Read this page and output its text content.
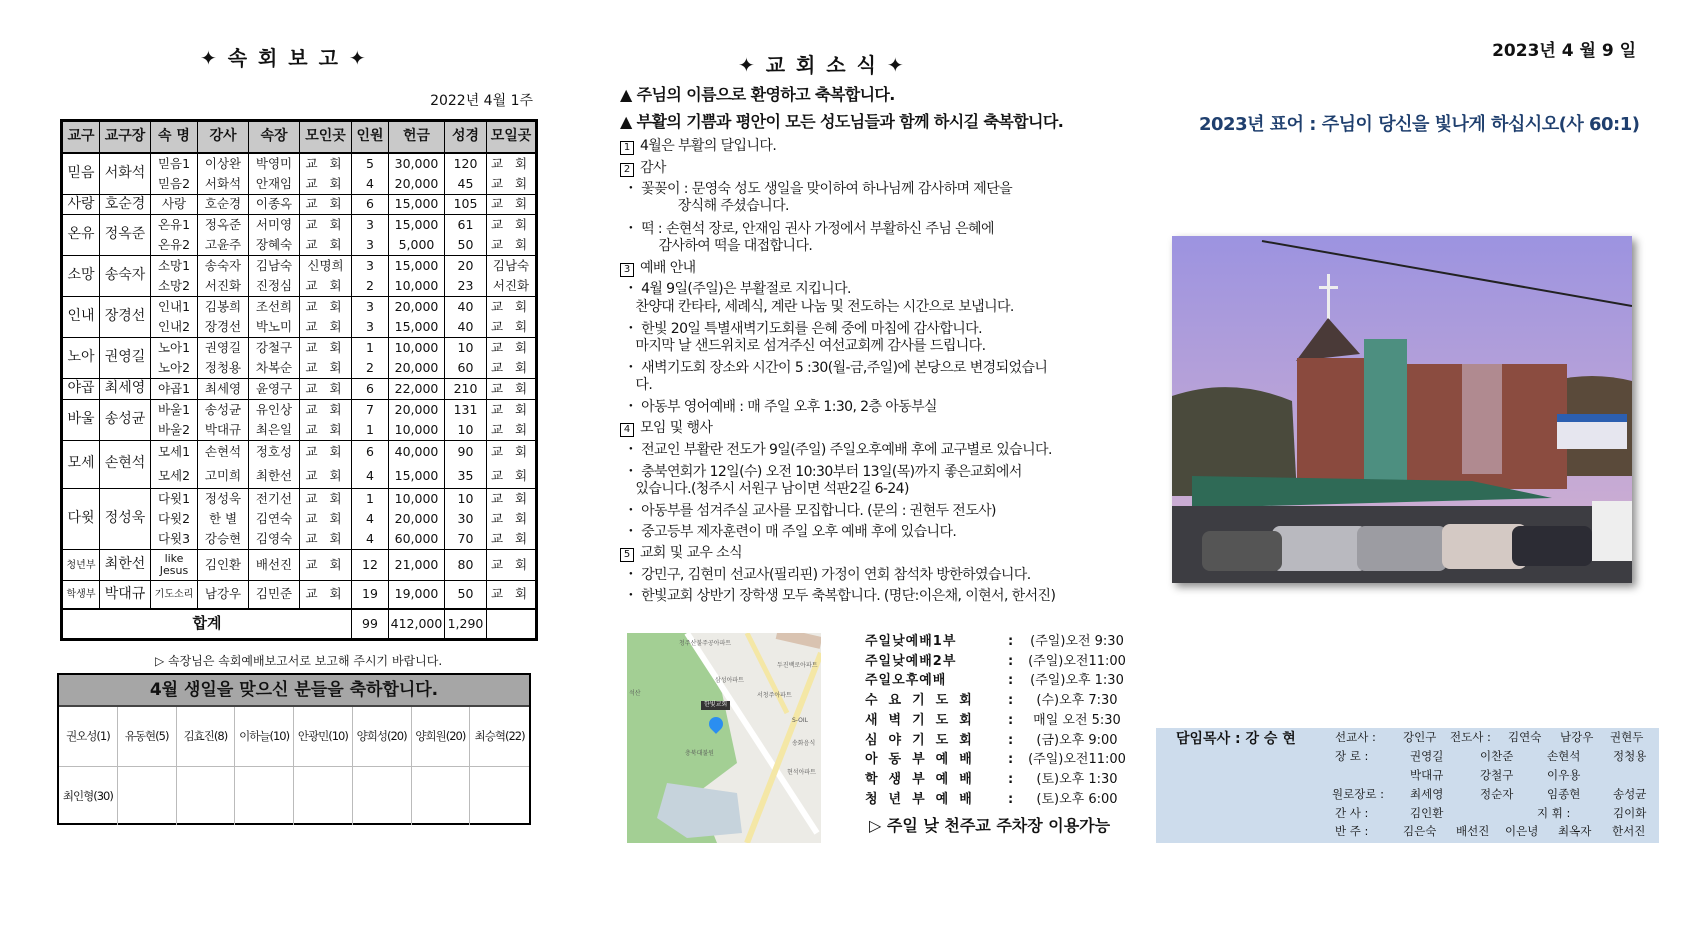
✦ 속 회 보 고 ✦
2022년 4월 1주
교구	교구장	속 명	강사	속장	모인곳	인원	헌금	성경	모일곳
믿음	서화석	믿음1	이상완	박영미	교 회	5	30,000	120	교 회
		믿음2	서화석	안재임	교 회	4	20,000	45	교 회
사랑	호순경	사랑	호순경	이종옥	교 회	6	15,000	105	교 회
온유	정옥준	온유1	정옥준	서미영	교 회	3	15,000	61	교 회
		온유2	고윤주	장혜숙	교 회	3	5,000	50	교 회
소망	송숙자	소망1	송숙자	김남숙	신명희	3	15,000	20	김남숙
		소망2	서진화	진정심	교 회	2	10,000	23	서진화
인내	장경선	인내1	김봉희	조선희	교 회	3	20,000	40	교 회
		인내2	장경선	박노미	교 회	3	15,000	40	교 회
노아	권영길	노아1	권영길	강철구	교 회	1	10,000	10	교 회
		노아2	정청용	차복순	교 회	2	20,000	60	교 회
야곱	최세영	야곱1	최세영	윤영구	교 회	6	22,000	210	교 회
바울	송성균	바울1	송성균	유인상	교 회	7	20,000	131	교 회
		바울2	박대규	최은일	교 회	1	10,000	10	교 회
모세	손현석	모세1	손현석	정호성	교 회	6	40,000	90	교 회
		모세2	고미희	최한선	교 회	4	15,000	35	교 회
다윗	정성욱	다윗1	정성욱	전기선	교 회	1	10,000	10	교 회
		다윗2	한 별	김연숙	교 회	4	20,000	30	교 회
		다윗3	강승현	김영숙	교 회	4	60,000	70	교 회
청년부	최한선	like Jesus	김인환	배선진	교 회	12	21,000	80	교 회
학생부	박대규	기도소리	남강우	김민준	교 회	19	19,000	50	교 회
합계						99	412,000	1,290	
▷ 속장님은 속회예배보고서로 보고해 주시기 바랍니다.
4월 생일을 맞으신 분들을 축하합니다.
권오성(1)	유동현(5)	김효진(8)	이하늘(10) 안광민(10) 양희성(20) 양희원(20) 최승혁(22)
최인형(30)
✦ 교 회 소 식 ✦
▲ 주님의 이름으로 환영하고 축복합니다.
▲ 부활의 기쁨과 평안이 모든 성도님들과 함께 하시길 축복합니다.
1 4월은 부활의 달입니다.
2 감사
・ 꽃꽂이 : 문영숙 성도 생일을 맞이하여 하나님께 감사하며 제단을
장식해 주셨습니다.
・ 떡 : 손현석 장로, 안재임 권사 가정에서 부활하신 주님 은혜에
감사하여 떡을 대접합니다.
3 예배 안내
・ 4월 9일(주일)은 부활절로 지킵니다.
찬양대 칸타타, 세례식, 계란 나눔 및 전도하는 시간으로 보냅니다.
・ 한빛 20일 특별새벽기도회를 은혜 중에 마침에 감사합니다.
마지막 날 샌드위치로 섬겨주신 여선교회께 감사를 드립니다.
・ 새벽기도회 장소와 시간이 5 :30(월-금,주일)에 본당으로 변경되었습니
다.
・ 아동부 영어예배 : 매 주일 오후 1:30, 2층 아동부실
4 모임 및 행사
・ 전교인 부활란 전도가 9일(주일) 주일오후예배 후에 교구별로 있습니다.
・ 충북연회가 12일(수) 오전 10:30부터 13일(목)까지 좋은교회에서
있습니다.(청주시 서원구 남이면 석판2길 6-24)
・ 아동부를 섬겨주실 교사를 모집합니다. (문의 : 권현두 전도사)
・ 중고등부 제자훈련이 매 주일 오후 예배 후에 있습니다.
5 교회 및 교우 소식
・ 강민구, 김현미 선교사(필리핀) 가정이 연회 참석차 방한하였습니다.
・ 한빛교회 상반기 장학생 모두 축복합니다. (명단:이은채, 이현서, 한서진)
청주산불주공아파트
삼성아파트
서청주아파트
S-OIL
두진백로아파트
충북대불원
송화음식
현석아파트
석산
한빛교회
주일낮예배1부	: (주일)오전 9:30
주일낮예배2부	: (주일)오전11:00
주일오후예배	: (주일)오후 1:30
수요기도회	:	(수)오후 7:30
새벽기도회	:	매일 오전 5:30
심야기도회	:	(금)오후 9:00
아동부예배	: (주일)오전11:00
학생부예배	:	(토)오후 1:30
청년부예배	:	(토)오후 6:00
▷ 주일 낮 천주교 주차장 이용가능
2023년 4 월 9 일
2023년 표어 : 주님이 당신을 빛나게 하십시오(사 60:1)
담임목사 : 강 승 현	선교사 : 강인구 전도사 : 김연숙 남강우 권현두
장 로 :	권영길	이찬준	손현석	정청용
박대규	강철구	이우용
원로장로 : 최세영	정순자	임종현	송성균
간 사 :	김인환	지 휘 :	김이화
반 주 :	김은숙 배선진 이은녕 최옥자 한서진
